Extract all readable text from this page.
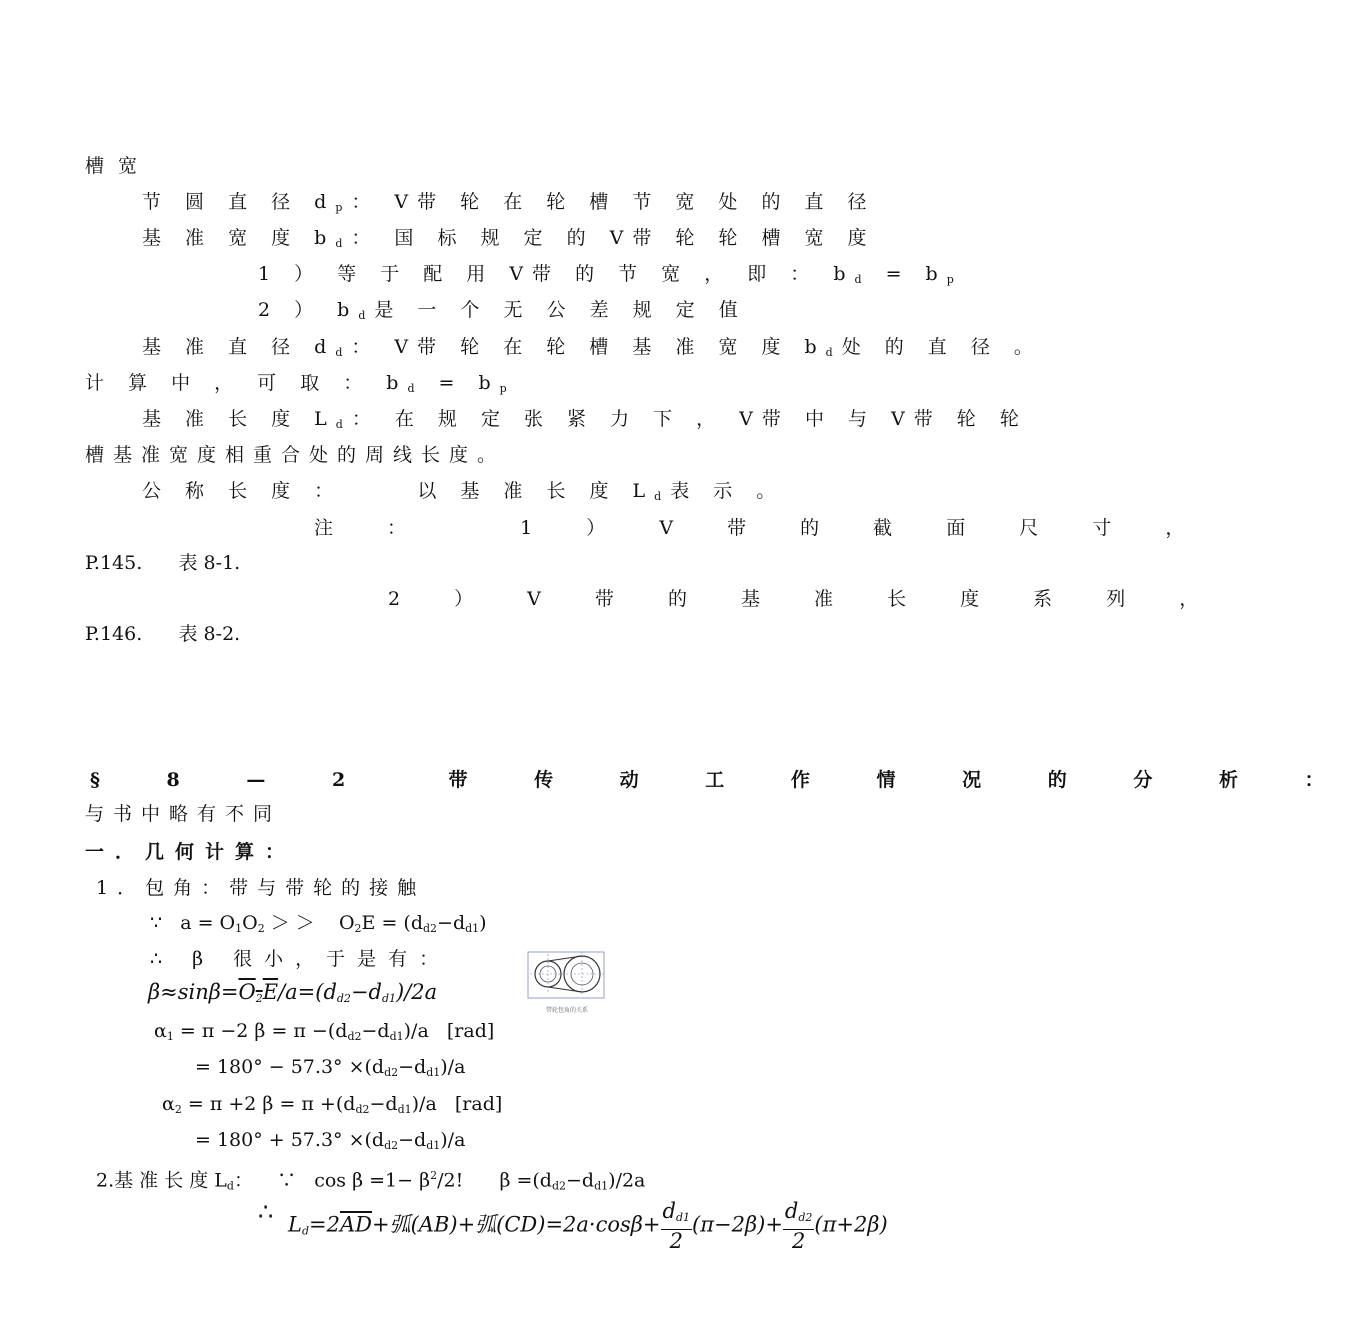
槽宽
节 圆 直 径 $d_p$： V带 轮 在 轮 槽 节 宽 处 的 直 径
基 准 宽 度 $b_d$： 国 标 规 定 的 V带 轮 轮 槽 宽 度
1 ） 等 于 配 用 V带 的 节 宽 ， 即 ： $b_d = b_p$
2 ） $b_d$是 一 个 无 公 差 规 定 值
基 准 直 径 $d_d$： V带 轮 在 轮 槽 基 准 宽 度 $b_d$处 的 直 径 。
计 算 中 ， 可 取 ： $b_d = b_p$
基 准 长 度 $L_d$： 在 规 定 张 紧 力 下 ， V带 中 与 V带 轮 轮
槽基准宽度相重合处的周线长度。
公 称 长 度 ：     以 基 准 长 度 $L_d$表 示 。
注 ：   1 ） V 带 的 截 面 尺 寸 ，
P.145.      表 8-1.
2 ） V 带 的 基 准 长 度 系 列 ，
P.146.      表 8-2.
§ 8 — 2  带 传 动 工 作 情 况 的 分 析 ：
与书中略有不同
一．几何计算：
1．包角：带与带轮的接触
∵   $a = O_1O_2$ ＞ ＞    $O_2E = (d_{d2}-d_{d1})$
∴ β 很小，于是有：
$\beta\approx\sin\beta=O_2E/a=(d_{d2}-d_{d1})/2a$
$\alpha_1 = \pi -2$ $\beta = \pi -(d_{d2}-d_{d1})/a$   [rad]
= $180^\circ - 57.3^\circ \times(d_{d2}-d_{d1})/a$
$\alpha_2 = \pi +2$ $\beta = \pi +(d_{d2}-d_{d1})/a$   [rad]
= $180^\circ + 57.3^\circ \times(d_{d2}-d_{d1})/a$
2.基 准 长 度 $L_d$：    ∵   $\cos \beta =1- \beta^2/2$!      $\beta =(d_{d2}-d_{d1})/2a$
∴ $L_d=2\overline{AD}+$弧(AB)+弧$(CD)=2a\cdot\cos\beta+ \frac{d_{d1}}{2} (\pi-2\beta)+ \frac{d_{d2}}{2} (\pi+2\beta)$
带轮包角的关系
